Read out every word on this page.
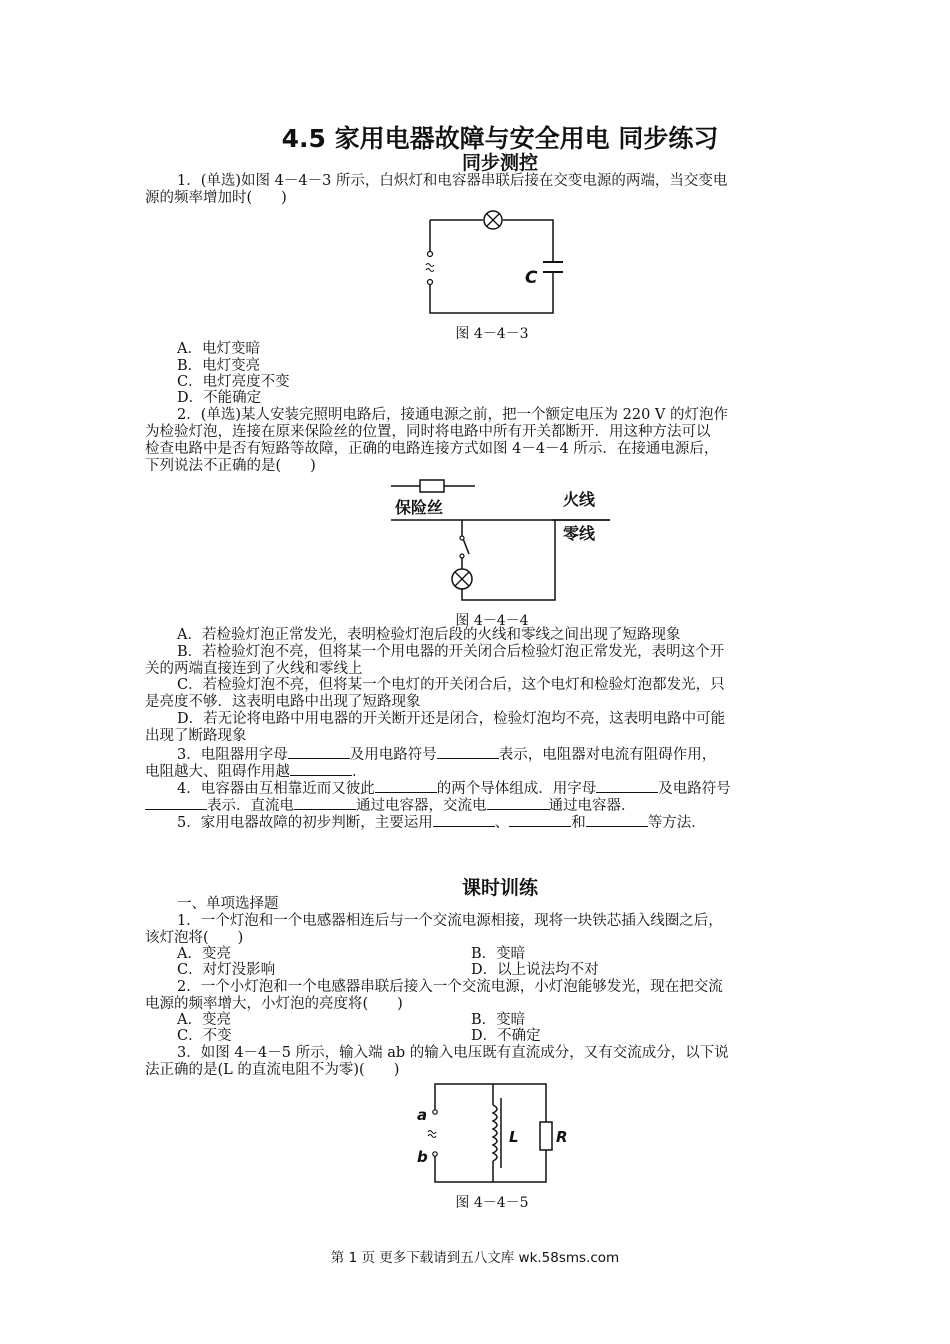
4.5 家用电器故障与安全用电 同步练习
同步测控
1．(单选)如图 4－4－3 所示，白炽灯和电容器串联后接在交变电源的两端，当交变电
源的频率增加时(　　)
C
图 4－4－3
A．电灯变暗
B．电灯变亮
C．电灯亮度不变
D．不能确定
2．(单选)某人安装完照明电路后，接通电源之前，把一个额定电压为 220 V 的灯泡作
为检验灯泡，连接在原来保险丝的位置，同时将电路中所有开关都断开．用这种方法可以
检查电路中是否有短路等故障，正确的电路连接方式如图 4－4－4 所示．在接通电源后，
下列说法不正确的是(　　)
保险丝	火线
零线
图 4－4－4
A．若检验灯泡正常发光，表明检验灯泡后段的火线和零线之间出现了短路现象
B．若检验灯泡不亮，但将某一个用电器的开关闭合后检验灯泡正常发光，表明这个开
关的两端直接连到了火线和零线上
C．若检验灯泡不亮，但将某一个电灯的开关闭合后，这个电灯和检验灯泡都发光，只
是亮度不够．这表明电路中出现了短路现象
D．若无论将电路中用电器的开关断开还是闭合，检验灯泡均不亮，这表明电路中可能
出现了断路现象
3．电阻器用字母	及用电路符号	表示，电阻器对电流有阻碍作用，
电阻越大、阻碍作用越	．
4．电容器由互相靠近而又彼此	的两个导体组成．用字母	及电路符号
表示．直流电	通过电容器，交流电	通过电容器．
5．家用电器故障的初步判断，主要运用	、	和	等方法．
课时训练
一、单项选择题
1．一个灯泡和一个电感器相连后与一个交流电源相接，现将一块铁芯插入线圈之后，
该灯泡将(　　)
A．变亮	B．变暗
C．对灯没影响	D．以上说法均不对
2．一个小灯泡和一个电感器串联后接入一个交流电源，小灯泡能够发光，现在把交流
电源的频率增大，小灯泡的亮度将(　　)
A．变亮	B．变暗
C．不变	D．不确定
3．如图 4－4－5 所示，输入端 ab 的输入电压既有直流成分，又有交流成分，以下说
法正确的是(L 的直流电阻不为零)(　　)
a
b
L R
图 4－4－5
第 1 页 更多下载请到五八文库 wk.58sms.com
